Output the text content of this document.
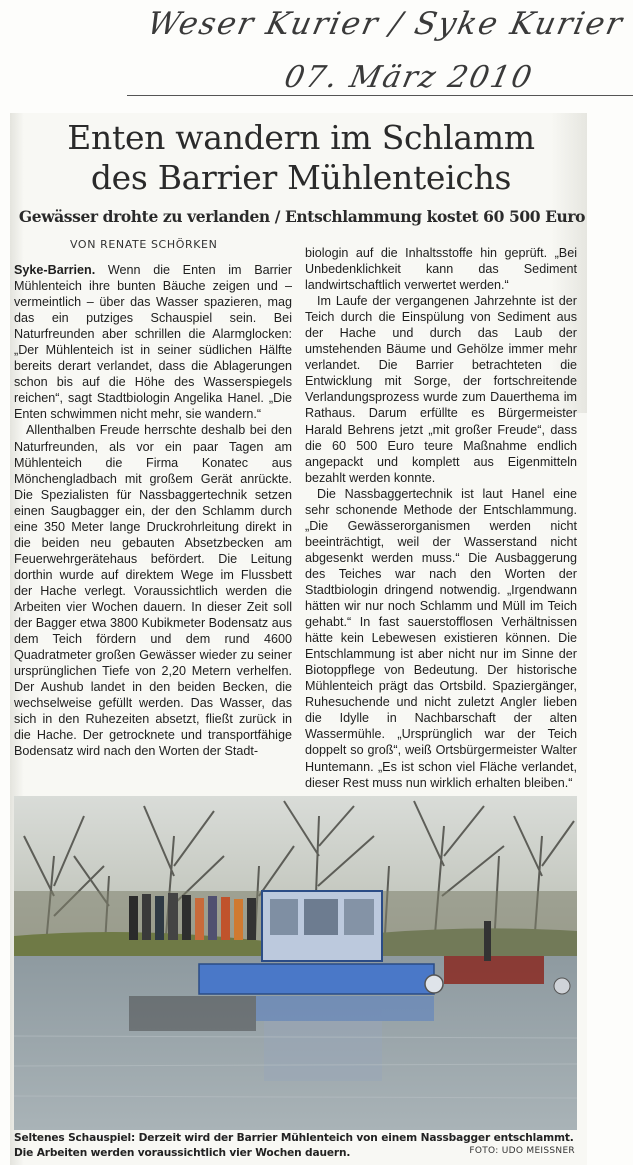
Weser Kurier / Syke Kurier
07. März 2010
Enten wandern im Schlamm
des Barrier Mühlenteichs
Gewässer drohte zu verlanden / Entschlammung kostet 60 500 Euro
VON RENATE SCHÖRKEN

Syke-Barrien. Wenn die Enten im Barrier Mühlenteich ihre bunten Bäuche zeigen und – vermeintlich – über das Wasser spazieren, mag das ein putziges Schauspiel sein. Bei Naturfreunden aber schrillen die Alarmglocken: „Der Mühlenteich ist in seiner südlichen Hälfte bereits derart verlandet, dass die Ablagerungen schon bis auf die Höhe des Wasserspiegels reichen“, sagt Stadtbiologin Angelika Hanel. „Die Enten schwimmen nicht mehr, sie wandern.“

Allenthalben Freude herrschte deshalb bei den Naturfreunden, als vor ein paar Tagen am Mühlenteich die Firma Konatec aus Mönchengladbach mit großem Gerät anrückte. Die Spezialisten für Nassbaggertechnik setzen einen Saugbagger ein, der den Schlamm durch eine 350 Meter lange Druckrohrleitung direkt in die beiden neu gebauten Absetzbecken am Feuerwehrgerätehaus befördert. Die Leitung dorthin wurde auf direktem Wege im Flussbett der Hache verlegt. Voraussichtlich werden die Arbeiten vier Wochen dauern. In dieser Zeit soll der Bagger etwa 3800 Kubikmeter Bodensatz aus dem Teich fördern und dem rund 4600 Quadratmeter großen Gewässer wieder zu seiner ursprünglichen Tiefe von 2,20 Metern verhelfen. Der Aushub landet in den beiden Becken, die wechselweise gefüllt werden. Das Wasser, das sich in den Ruhezeiten absetzt, fließt zurück in die Hache. Der getrocknete und transportfähige Bodensatz wird nach den Worten der Stadt-

biologin auf die Inhaltsstoffe hin geprüft. „Bei Unbedenklichkeit kann das Sediment landwirtschaftlich verwertet werden.“

Im Laufe der vergangenen Jahrzehnte ist der Teich durch die Einspülung von Sediment aus der Hache und durch das Laub der umstehenden Bäume und Gehölze immer mehr verlandet. Die Barrier betrachteten die Entwicklung mit Sorge, der fortschreitende Verlandungsprozess wurde zum Dauerthema im Rathaus. Darum erfüllte es Bürgermeister Harald Behrens jetzt „mit großer Freude“, dass die 60 500 Euro teure Maßnahme endlich angepackt und komplett aus Eigenmitteln bezahlt werden konnte.

Die Nassbaggertechnik ist laut Hanel eine sehr schonende Methode der Entschlammung. „Die Gewässerorganismen werden nicht beeinträchtigt, weil der Wasserstand nicht abgesenkt werden muss.“ Die Ausbaggerung des Teiches war nach den Worten der Stadtbiologin dringend notwendig. „Irgendwann hätten wir nur noch Schlamm und Müll im Teich gehabt.“ In fast sauerstofflosen Verhältnissen hätte kein Lebewesen existieren können. Die Entschlammung ist aber nicht nur im Sinne der Biotoppflege von Bedeutung. Der historische Mühlenteich prägt das Ortsbild. Spaziergänger, Ruhesuchende und nicht zuletzt Angler lieben die Idylle in Nachbarschaft der alten Wassermühle. „Ursprünglich war der Teich doppelt so groß“, weiß Ortsbürgermeister Walter Huntemann. „Es ist schon viel Fläche verlandet, dieser Rest muss nun wirklich erhalten bleiben.“

Seltenes Schauspiel: Derzeit wird der Barrier Mühlenteich von einem Nassbagger entschlammt.
Die Arbeiten werden voraussichtlich vier Wochen dauern.	FOTO: UDO MEISSNER
